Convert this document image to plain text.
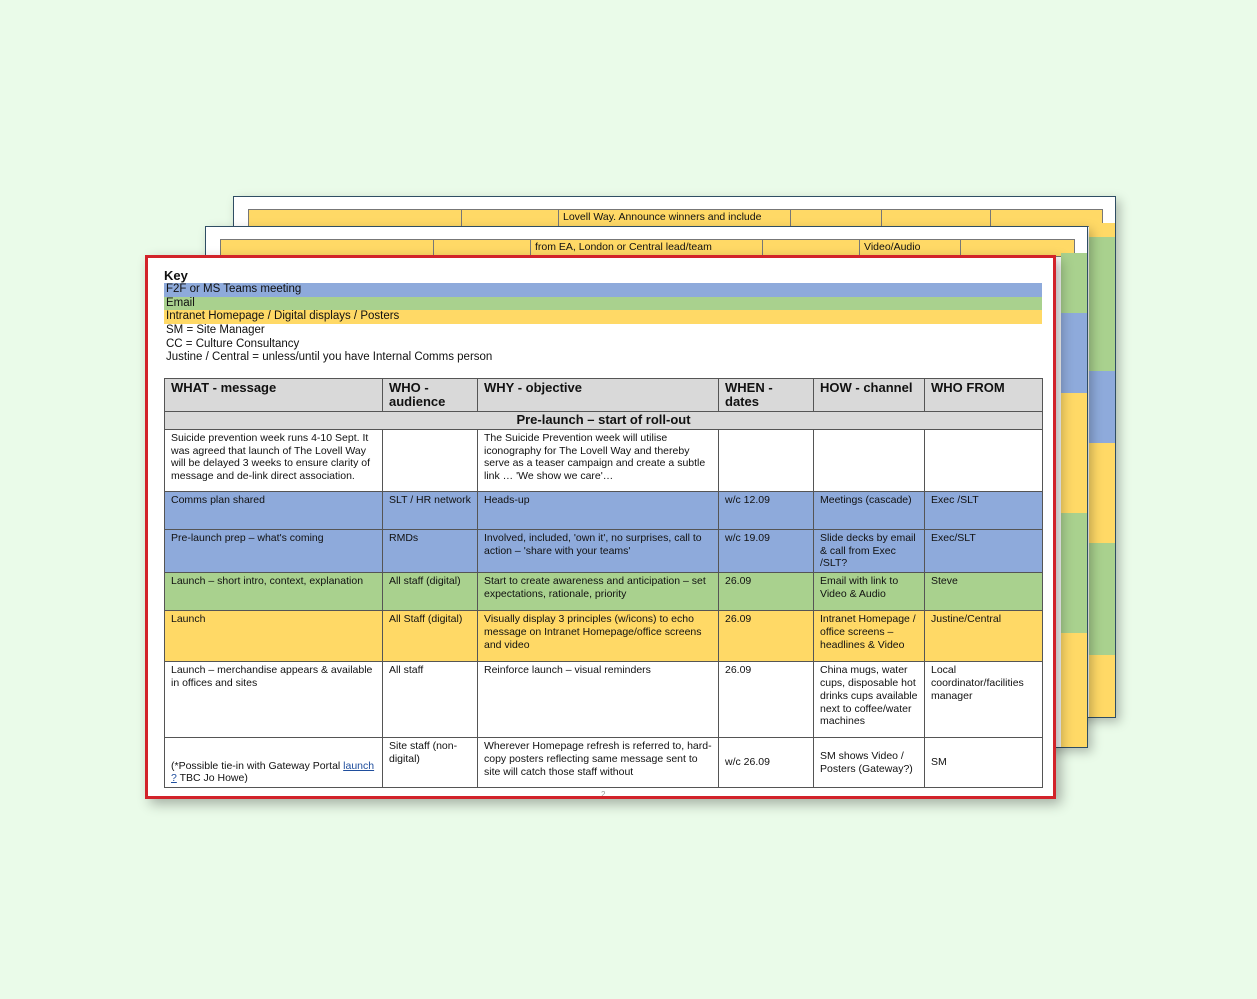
		Lovell Way. Announce winners and include			
		from EA, London or Central lead/team		Video/Audio	
Key
F2F or MS Teams meeting
Email
Intranet Homepage / Digital displays / Posters
SM = Site Manager
CC = Culture Consultancy
Justine / Central = unless/until you have Internal Comms person
WHAT - message	WHO - audience	WHY - objective	WHEN - dates	HOW - channel	WHO FROM
Pre-launch – start of roll-out					
Suicide prevention week runs 4-10 Sept. It was agreed that launch of The Lovell Way will be delayed 3 weeks to ensure clarity of message and de-link direct association.		The Suicide Prevention week will utilise iconography for The Lovell Way and thereby serve as a teaser campaign and create a subtle link … 'We show we care'…			
Comms plan shared	SLT / HR network	Heads-up	w/c 12.09	Meetings (cascade)	Exec /SLT
Pre-launch prep – what's coming	RMDs	Involved, included, 'own it', no surprises, call to action – 'share with your teams'	w/c 19.09	Slide decks by email & call from Exec /SLT?	Exec/SLT
Launch – short intro, context, explanation	All staff (digital)	Start to create awareness and anticipation – set expectations, rationale, priority	26.09	Email with link to Video & Audio	Steve
Launch	All Staff (digital)	Visually display 3 principles (w/icons) to echo message on Intranet Homepage/office screens and video	26.09	Intranet Homepage / office screens – headlines & Video	Justine/Central
Launch – merchandise appears & available in offices and sites	All staff	Reinforce launch – visual reminders	26.09	China mugs, water cups, disposable hot drinks cups available next to coffee/water machines	Local coordinator/facilities manager
(*Possible tie-in with Gateway Portal launch ? TBC Jo Howe)	Site staff (non-digital)	Wherever Homepage refresh is referred to, hard-copy posters reflecting same message sent to site will catch those staff without	w/c 26.09	SM shows Video / Posters (Gateway?)	SM
2
